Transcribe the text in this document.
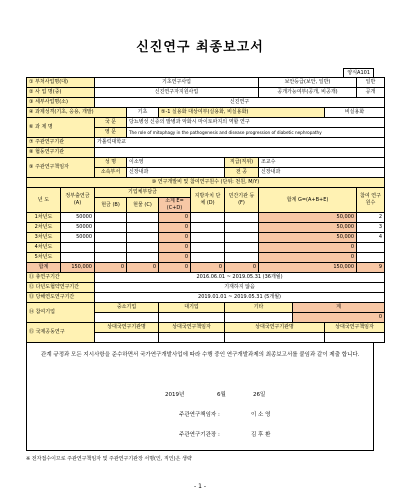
신진연구 최종보고서
양식A101
① 부처사업명(대)		기초연구사업					보안등급(보안, 일반)			일반
② 사 업 명(중)		신진연구자지원사업					공개가능여부(공개, 비공개)			공개
③ 세부사업명(소)		신진연구								
④ 과제성격(기초, 응용, 개발)			기초	⑤-1 실용화 대상여부(실용화, 비실용화)					비실용화	
⑥ 과 제 명		국 문	당뇨병성 신증의 발병과 악화시 마이토파지의 역할 연구							
		영 문	The role of mitophagy in the pathogenesis and disease progression of diabetic nephropathy							
⑦ 주관연구기관		가톨릭대학교								
⑧ 협동연구기관										
⑨ 주관연구책임자		성 명	이소영			직급(직위)	조교수			
		소속부서	신장내과			전 공	신장내과			
⑩ 연구개발비 및 참여연구원수 (단위: 천원, M/Y)										
년 도	정부출연금 (A)	기업체부담금			지방자치 단체 (D)	민간기관 등 (F)	합계 G=(A+B+E)			참여 연구원수
		현금 (B)	현물 (C)	소계 E=(C+D)						
1차년도	50000			0			50,000			2
2차년도	50000			0			50,000			3
3차년도	50000			0			50,000			4
4차년도				0			0			
5차년도				0			0			
합계	150,000	0	0	0	0	0	150,000			9
⑪ 총연구기간		2016.06.01 ~ 2019.05.31 (36개월)								
⑫ 다년도협약연구기간		기재하지 않음								
⑬ 당해연도연구기간		2019.01.01 ~ 2019.05.31 (5개월)								
⑭ 참여기업		중소기업		대기업		기타		계		
								0		
⑮ 국제공동연구		상대국연구기관명		상대국연구책임자		상대국연구기관명			상대국연구책임자	

관계 규정과 모든 지시사항을 준수하면서 국가연구개발사업에 따라 수행 중인 연구개발과제의 최종보고서를 붙임과 같이 제출 합니다.
2019년	6월	26일
주관연구책임자 :	이 소 영
주관연구기관장 :	김 후 환
※ 전자접수이므로 주관연구책임자 및 주관연구기관장 서명(인, 직인)은 생략
- 1 -
